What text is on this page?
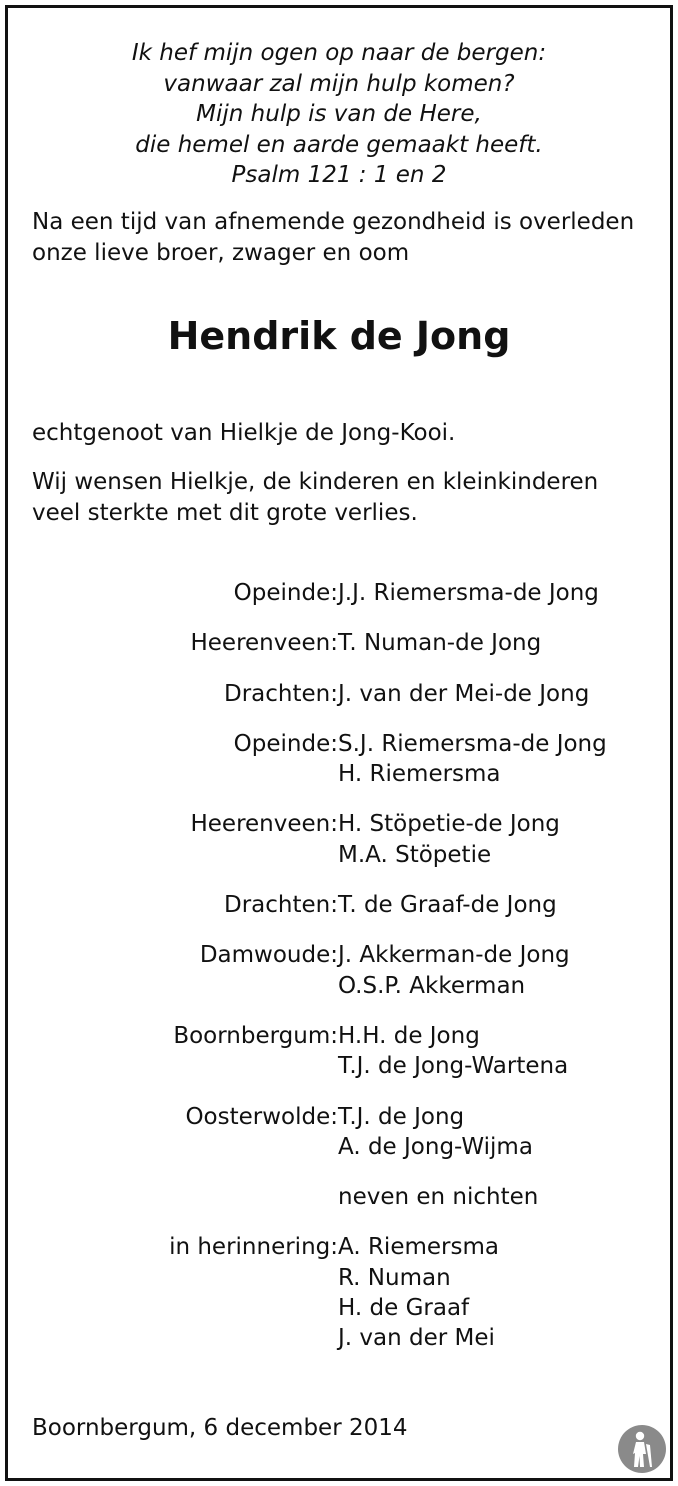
Ik hef mijn ogen op naar de bergen:
vanwaar zal mijn hulp komen?
Mijn hulp is van de Here,
die hemel en aarde gemaakt heeft.
Psalm 121 : 1 en 2
Na een tijd van afnemende gezondheid is overleden
onze lieve broer, zwager en oom
Hendrik de Jong
echtgenoot van Hielkje de Jong-Kooi.
Wij wensen Hielkje, de kinderen en kleinkinderen
veel sterkte met dit grote verlies.
Opeinde: J.J. Riemersma-de Jong
Heerenveen: T. Numan-de Jong
Drachten: J. van der Mei-de Jong
Opeinde: S.J. Riemersma-de Jong
H. Riemersma
Heerenveen: H. Stöpetie-de Jong
M.A. Stöpetie
Drachten: T. de Graaf-de Jong
Damwoude: J. Akkerman-de Jong
O.S.P. Akkerman
Boornbergum: H.H. de Jong
T.J. de Jong-Wartena
Oosterwolde: T.J. de Jong
A. de Jong-Wijma
neven en nichten
in herinnering: A. Riemersma
R. Numan
H. de Graaf
J. van der Mei
Boornbergum, 6 december 2014
